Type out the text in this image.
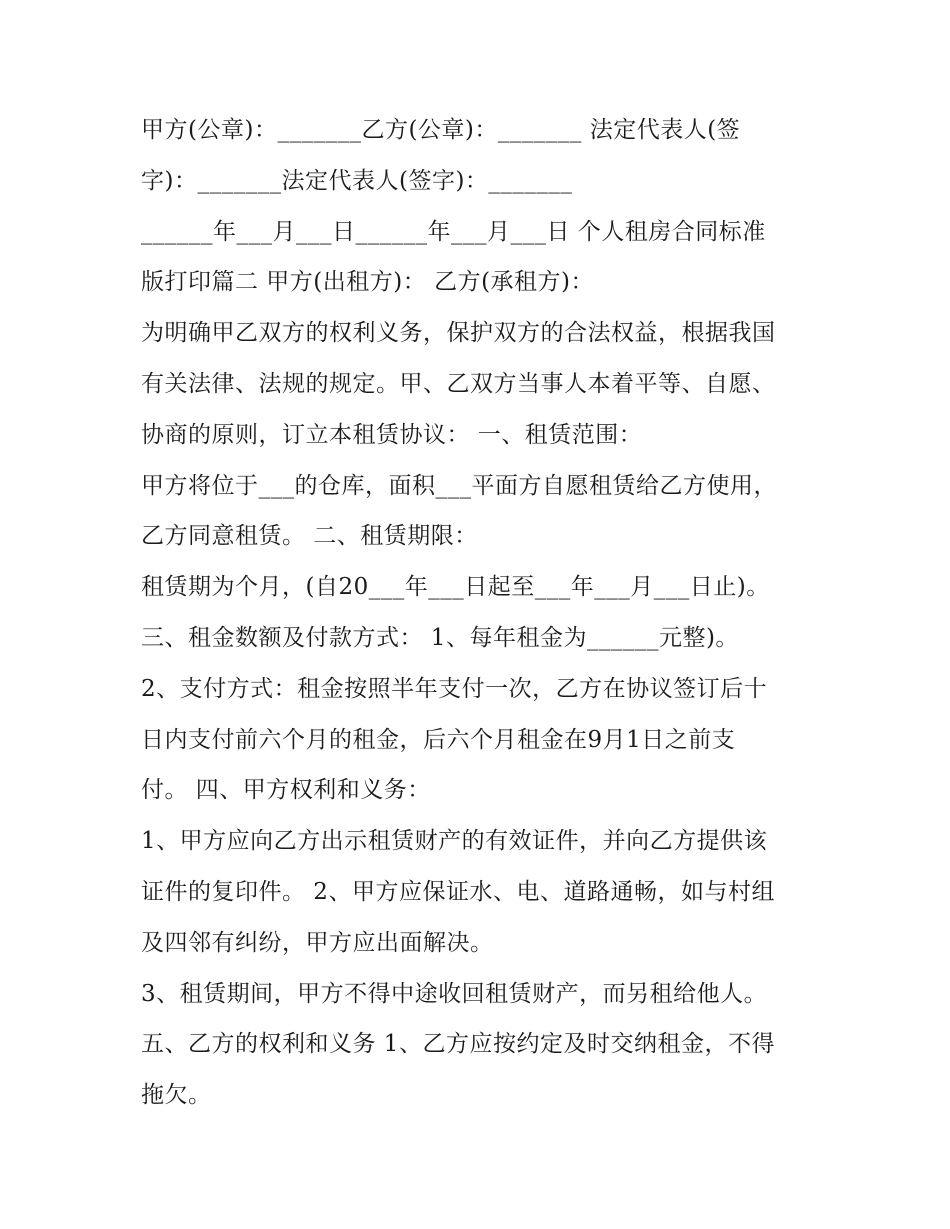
甲方(公章)：_______乙方(公章)：_______ 法定代表人(签
字)：_______法定代表人(签字)：_______
______年___月___日______年___月___日 个人租房合同标准
版打印篇二 甲方(出租方)： 乙方(承租方)：
为明确甲乙双方的权利义务，保护双方的合法权益，根据我国
有关法律、法规的规定。甲、乙双方当事人本着平等、自愿、
协商的原则，订立本租赁协议： 一、租赁范围：
甲方将位于___的仓库，面积___平面方自愿租赁给乙方使用，
乙方同意租赁。 二、租赁期限：
租赁期为个月，(自20___年___日起至___年___月___日止)。
三、租金数额及付款方式： 1、每年租金为______元整)。
2、支付方式：租金按照半年支付一次，乙方在协议签订后十
日内支付前六个月的租金，后六个月租金在9月1日之前支
付。 四、甲方权利和义务：
1、甲方应向乙方出示租赁财产的有效证件，并向乙方提供该
证件的复印件。 2、甲方应保证水、电、道路通畅，如与村组
及四邻有纠纷，甲方应出面解决。
3、租赁期间，甲方不得中途收回租赁财产，而另租给他人。
五、乙方的权利和义务 1、乙方应按约定及时交纳租金，不得
拖欠。
